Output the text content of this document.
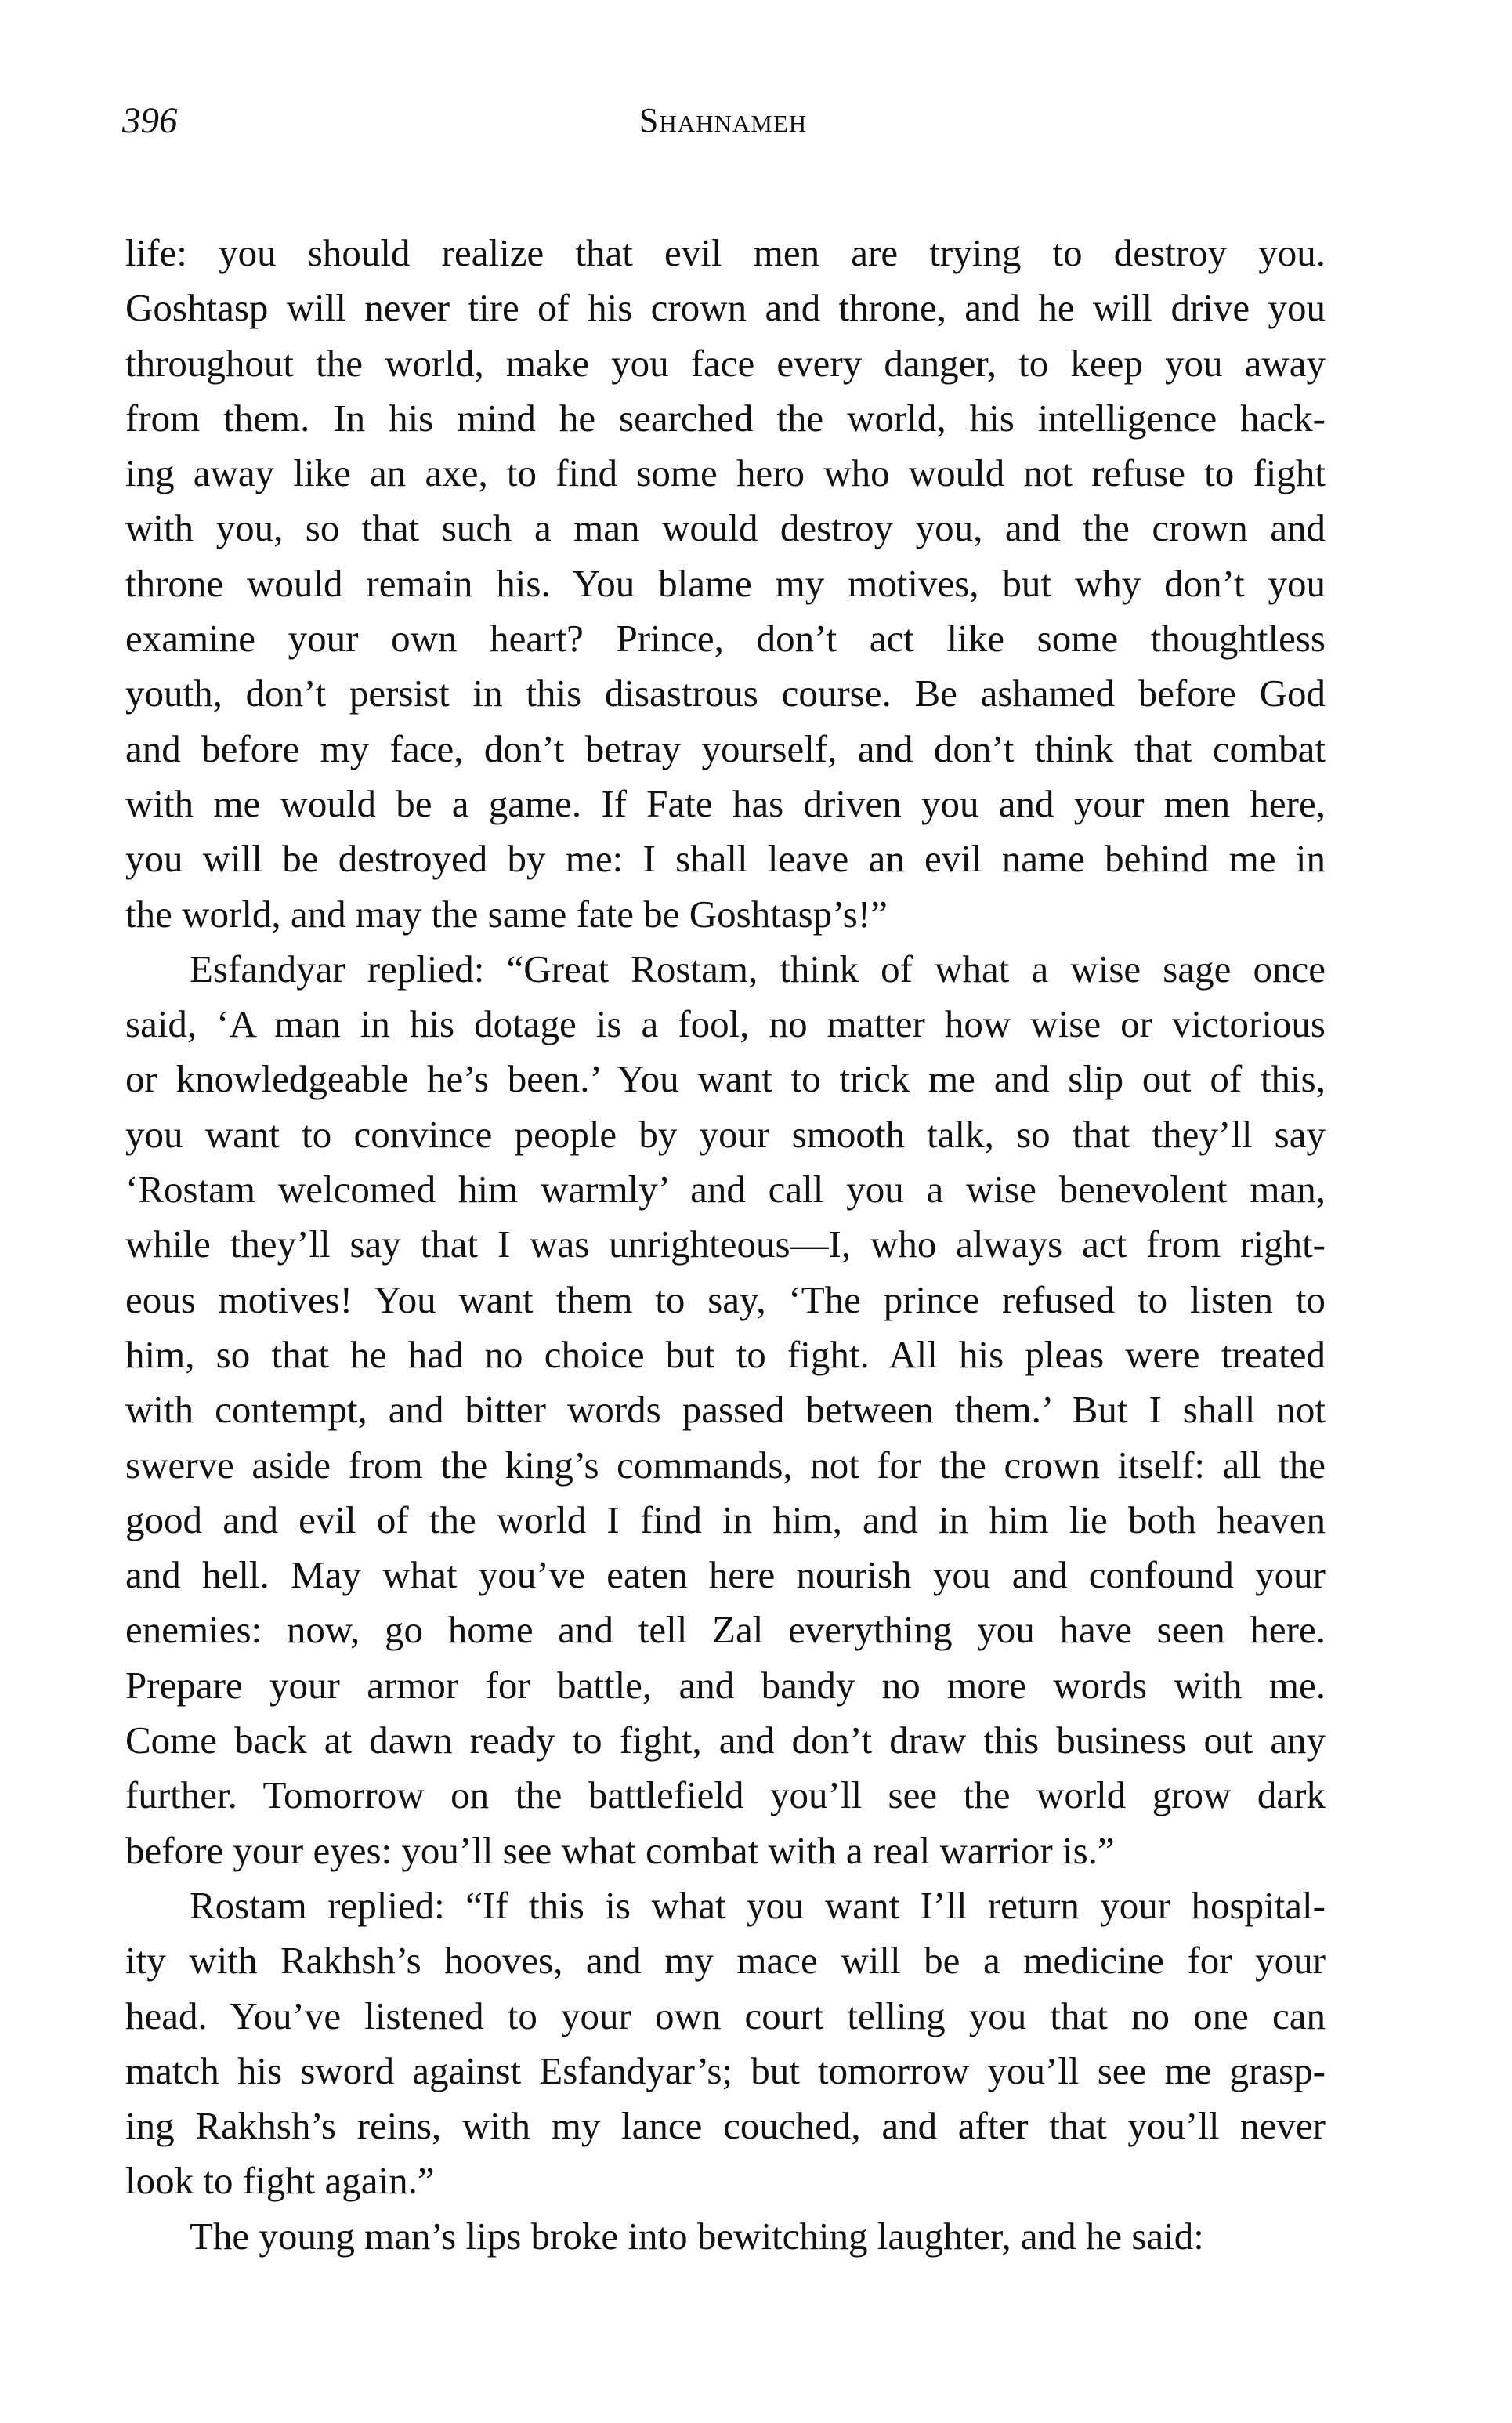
396	Shahnameh
life: you should realize that evil men are trying to destroy you.
Goshtasp will never tire of his crown and throne, and he will drive you
throughout the world, make you face every danger, to keep you away
from them. In his mind he searched the world, his intelligence hack-
ing away like an axe, to find some hero who would not refuse to fight
with you, so that such a man would destroy you, and the crown and
throne would remain his. You blame my motives, but why don’t you
examine your own heart? Prince, don’t act like some thoughtless
youth, don’t persist in this disastrous course. Be ashamed before God
and before my face, don’t betray yourself, and don’t think that combat
with me would be a game. If Fate has driven you and your men here,
you will be destroyed by me: I shall leave an evil name behind me in
the world, and may the same fate be Goshtasp’s!”
Esfandyar replied: “Great Rostam, think of what a wise sage once
said, ‘A man in his dotage is a fool, no matter how wise or victorious
or knowledgeable he’s been.’ You want to trick me and slip out of this,
you want to convince people by your smooth talk, so that they’ll say
‘Rostam welcomed him warmly’ and call you a wise benevolent man,
while they’ll say that I was unrighteous—I, who always act from right-
eous motives! You want them to say, ‘The prince refused to listen to
him, so that he had no choice but to fight. All his pleas were treated
with contempt, and bitter words passed between them.’ But I shall not
swerve aside from the king’s commands, not for the crown itself: all the
good and evil of the world I find in him, and in him lie both heaven
and hell. May what you’ve eaten here nourish you and confound your
enemies: now, go home and tell Zal everything you have seen here.
Prepare your armor for battle, and bandy no more words with me.
Come back at dawn ready to fight, and don’t draw this business out any
further. Tomorrow on the battlefield you’ll see the world grow dark
before your eyes: you’ll see what combat with a real warrior is.”
Rostam replied: “If this is what you want I’ll return your hospital-
ity with Rakhsh’s hooves, and my mace will be a medicine for your
head. You’ve listened to your own court telling you that no one can
match his sword against Esfandyar’s; but tomorrow you’ll see me grasp-
ing Rakhsh’s reins, with my lance couched, and after that you’ll never
look to fight again.”
The young man’s lips broke into bewitching laughter, and he said:
